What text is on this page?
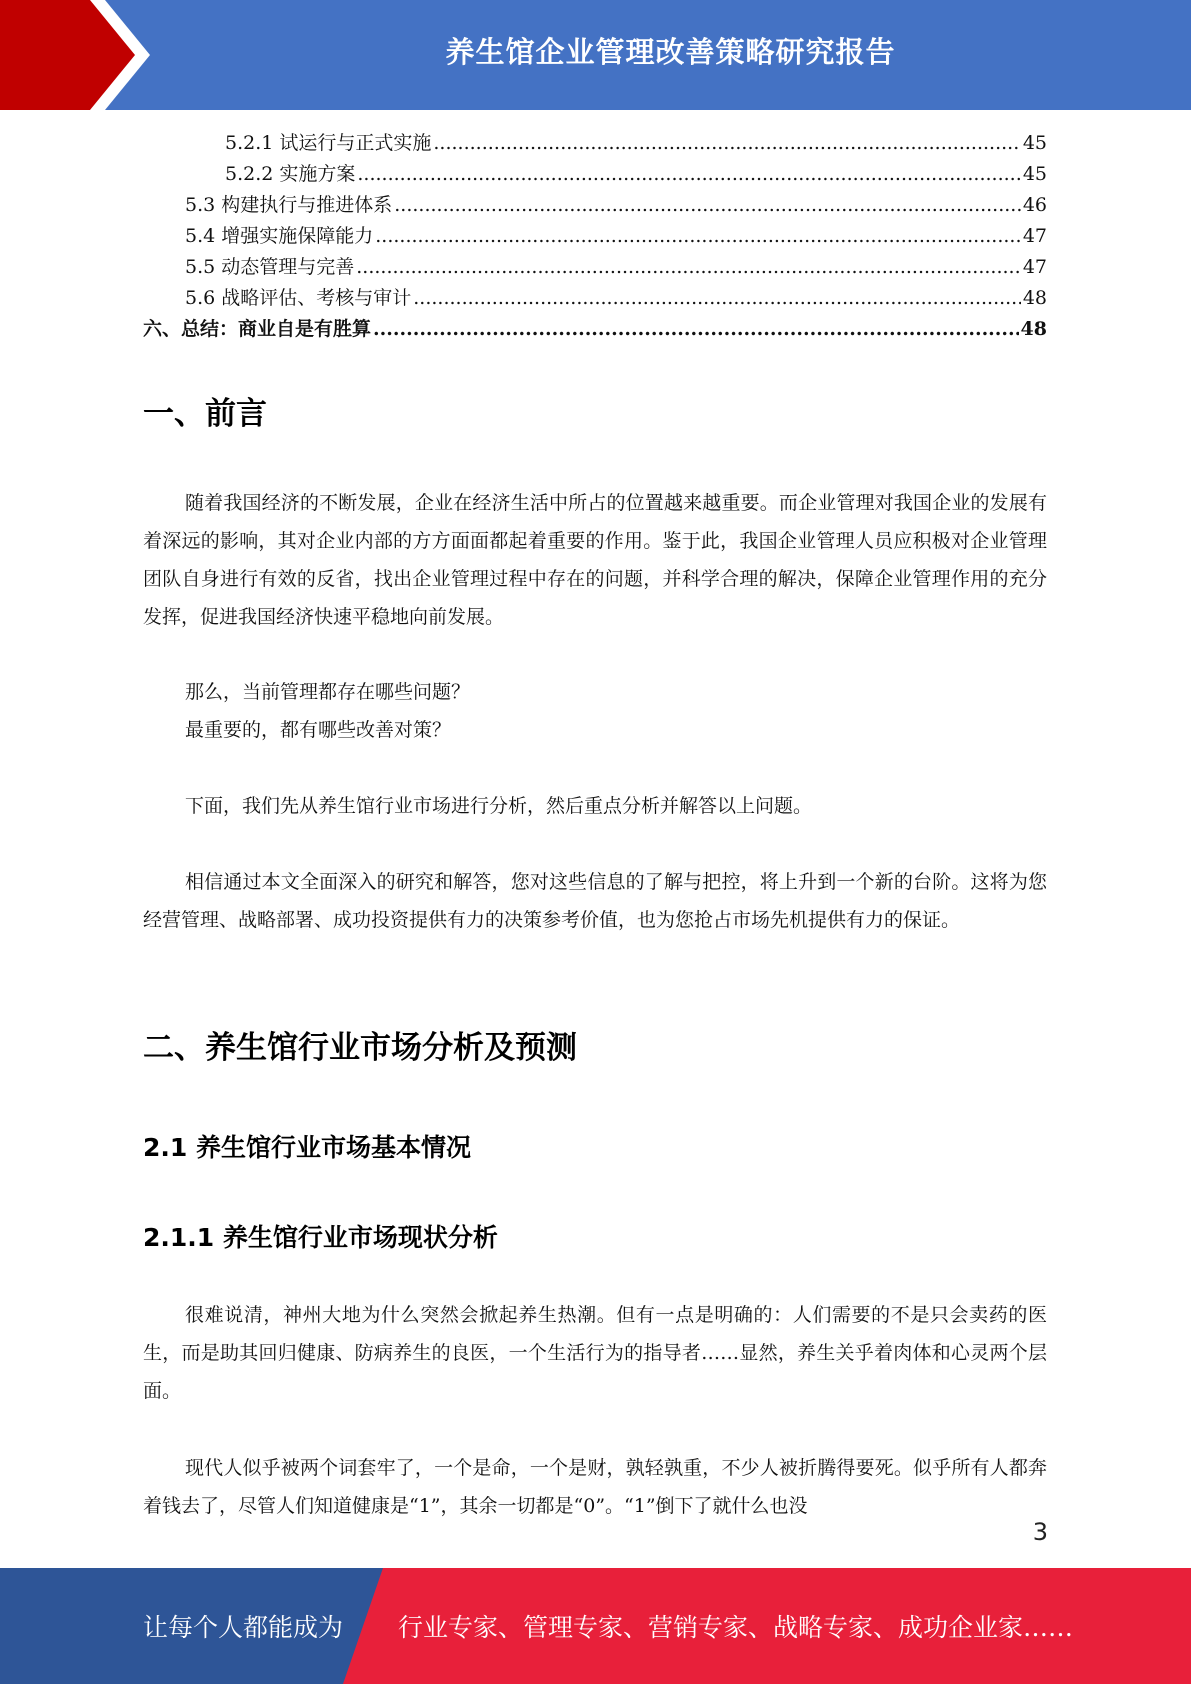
养生馆企业管理改善策略研究报告
5.2.1 试运行与正式实施 .....	45
5.2.2 实施方案 .....	45
5.3 构建执行与推进体系 .....	46
5.4 增强实施保障能力 .....	47
5.5 动态管理与完善 .....	47
5.6 战略评估、考核与审计 .....	48
六、总结：商业自是有胜算 .....	48
一、前言

随着我国经济的不断发展，企业在经济生活中所占的位置越来越重要。而企业管理对我国企业的发展有着深远的影响，其对企业内部的方方面面都起着重要的作用。鉴于此，我国企业管理人员应积极对企业管理团队自身进行有效的反省，找出企业管理过程中存在的问题，并科学合理的解决，保障企业管理作用的充分发挥，促进我国经济快速平稳地向前发展。

那么，当前管理都存在哪些问题？
最重要的，都有哪些改善对策？

下面，我们先从养生馆行业市场进行分析，然后重点分析并解答以上问题。

相信通过本文全面深入的研究和解答，您对这些信息的了解与把控，将上升到一个新的台阶。这将为您经营管理、战略部署、成功投资提供有力的决策参考价值，也为您抢占市场先机提供有力的保证。

二、养生馆行业市场分析及预测
2.1 养生馆行业市场基本情况
2.1.1 养生馆行业市场现状分析

很难说清，神州大地为什么突然会掀起养生热潮。但有一点是明确的：人们需要的不是只会卖药的医生，而是助其回归健康、防病养生的良医，一个生活行为的指导者……显然，养生关乎着肉体和心灵两个层面。

现代人似乎被两个词套牢了，一个是命，一个是财，孰轻孰重，不少人被折腾得要死。似乎所有人都奔着钱去了，尽管人们知道健康是“1”，其余一切都是“0”。“1”倒下了就什么也没

3
让每个人都能成为 行业专家、管理专家、营销专家、战略专家、成功企业家……
